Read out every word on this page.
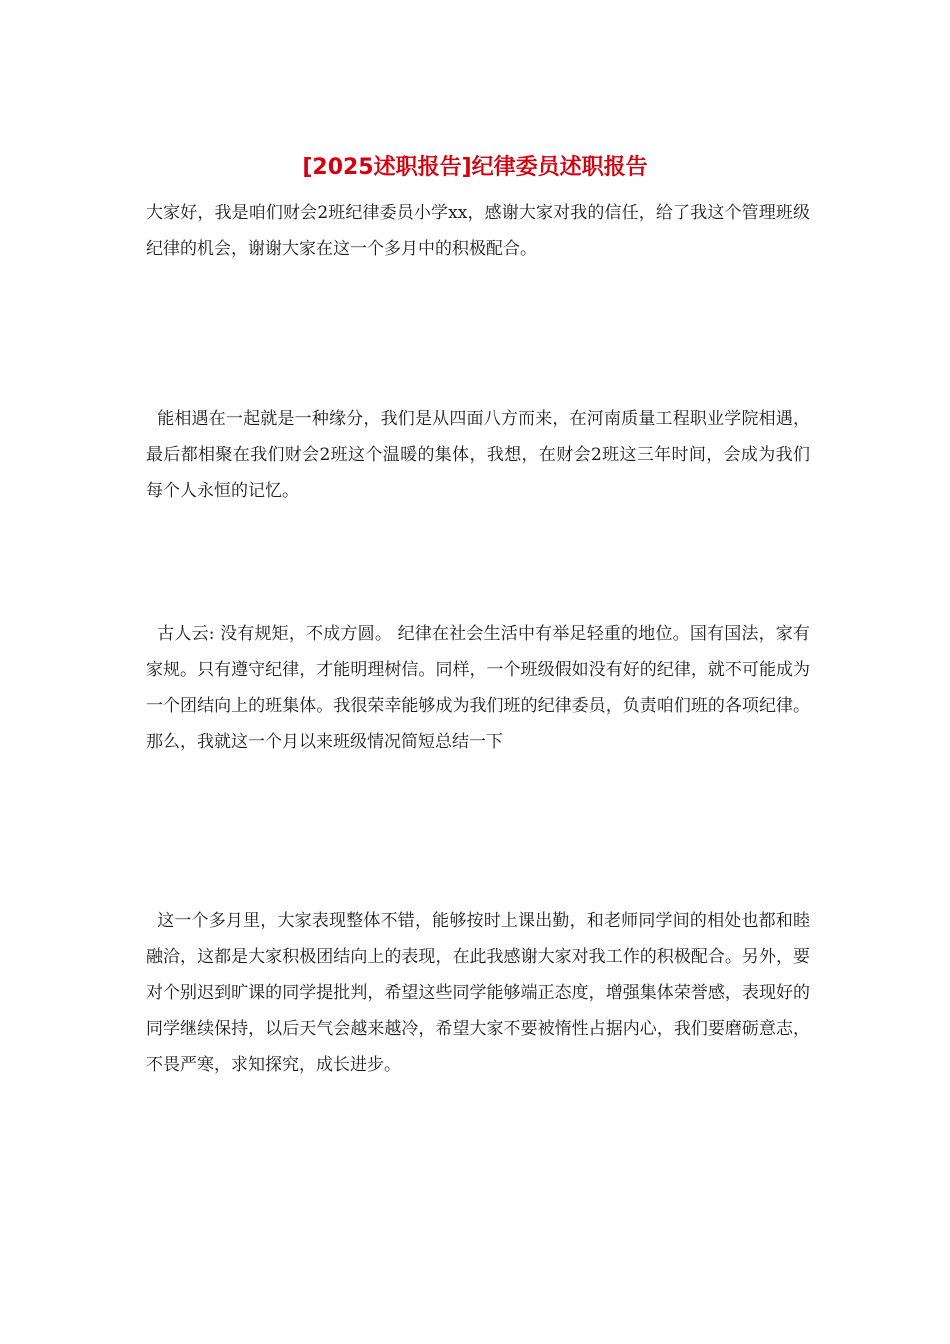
[2025述职报告]纪律委员述职报告

大家好，我是咱们财会2班纪律委员小学xx，感谢大家对我的信任，给了我这个管理班级纪律的机会，谢谢大家在这一个多月中的积极配合。

能相遇在一起就是一种缘分，我们是从四面八方而来，在河南质量工程职业学院相遇，最后都相聚在我们财会2班这个温暖的集体，我想，在财会2班这三年时间，会成为我们每个人永恒的记忆。

古人云: 没有规矩，不成方圆。 纪律在社会生活中有举足轻重的地位。国有国法，家有家规。只有遵守纪律，才能明理树信。同样，一个班级假如没有好的纪律，就不可能成为一个团结向上的班集体。我很荣幸能够成为我们班的纪律委员，负责咱们班的各项纪律。那么，我就这一个月以来班级情况简短总结一下

这一个多月里，大家表现整体不错，能够按时上课出勤，和老师同学间的相处也都和睦融洽，这都是大家积极团结向上的表现，在此我感谢大家对我工作的积极配合。另外，要对个别迟到旷课的同学提批判，希望这些同学能够端正态度，增强集体荣誉感，表现好的同学继续保持，以后天气会越来越冷，希望大家不要被惰性占据内心，我们要磨砺意志，不畏严寒，求知探究，成长进步。
